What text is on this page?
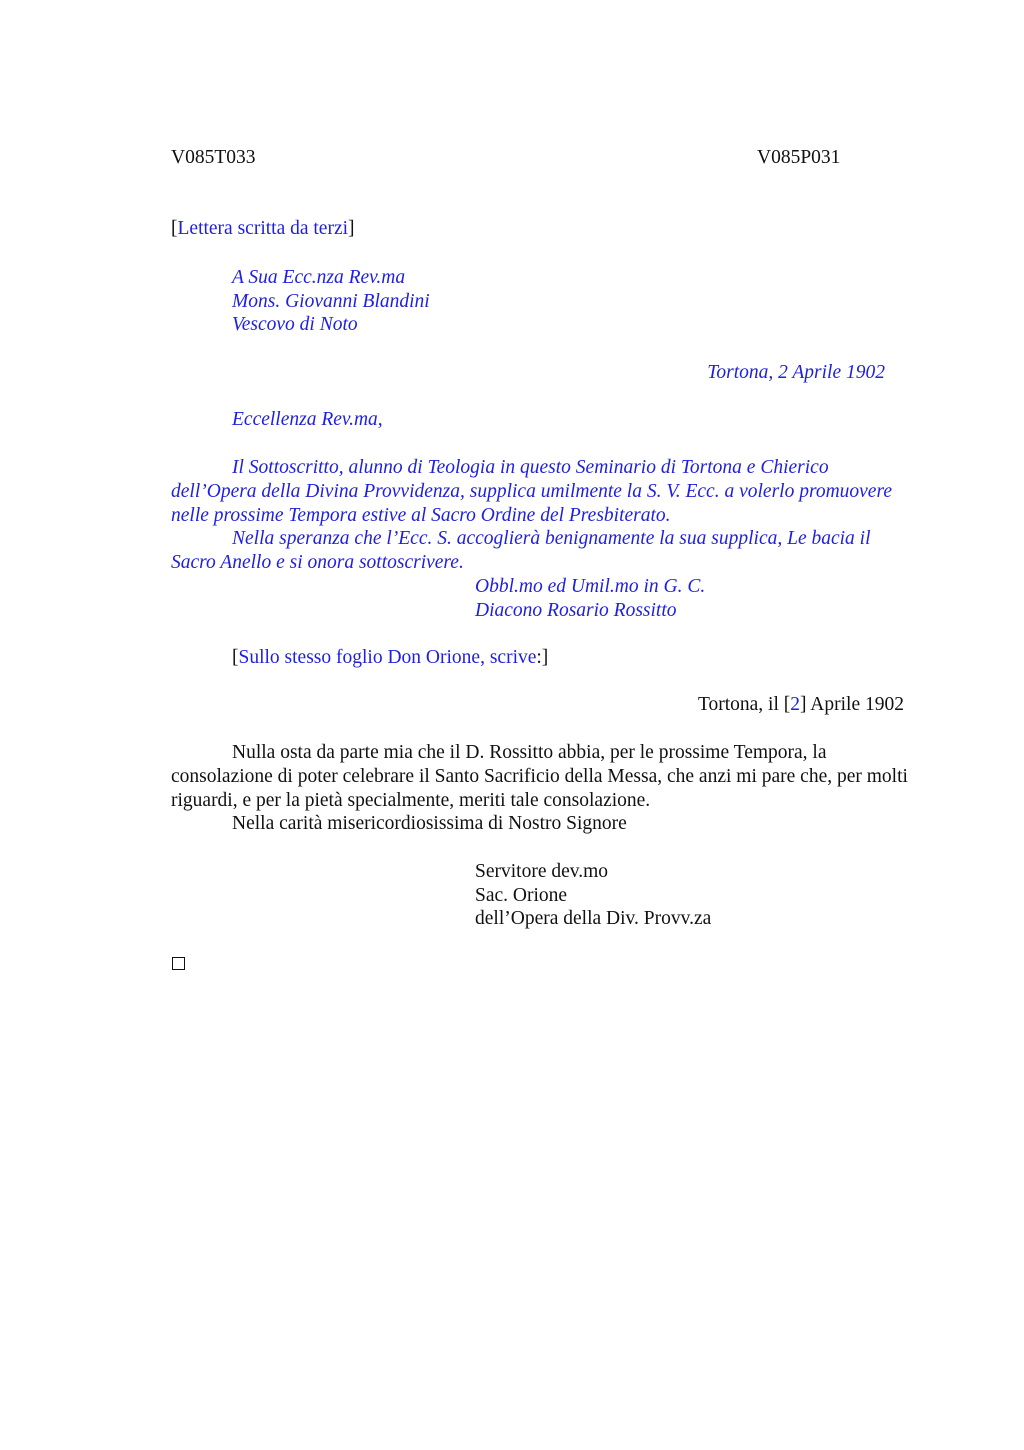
V085T033	V085P031
[Lettera scritta da terzi]
A Sua Ecc.nza Rev.ma
Mons. Giovanni Blandini
Vescovo di Noto
Tortona, 2 Aprile 1902
Eccellenza Rev.ma,
Il Sottoscritto, alunno di Teologia in questo Seminario di Tortona e Chierico dell’Opera della Divina Provvidenza, supplica umilmente la S. V. Ecc. a volerlo promuovere nelle prossime Tempora estive al Sacro Ordine del Presbiterato.
Nella speranza che l’Ecc. S. accoglierà benignamente la sua supplica, Le bacia il Sacro Anello e si onora sottoscrivere.
Obbl.mo ed Umil.mo in G. C.
Diacono Rosario Rossitto
[Sullo stesso foglio Don Orione, scrive:]
Tortona, il [2] Aprile 1902
Nulla osta da parte mia che il D. Rossitto abbia, per le prossime Tempora, la consolazione di poter celebrare il Santo Sacrificio della Messa, che anzi mi pare che, per molti riguardi, e per la pietà specialmente, meriti tale consolazione.
Nella carità misericordiosissima di Nostro Signore
Servitore dev.mo
Sac. Orione
dell’Opera della Div. Provv.za
